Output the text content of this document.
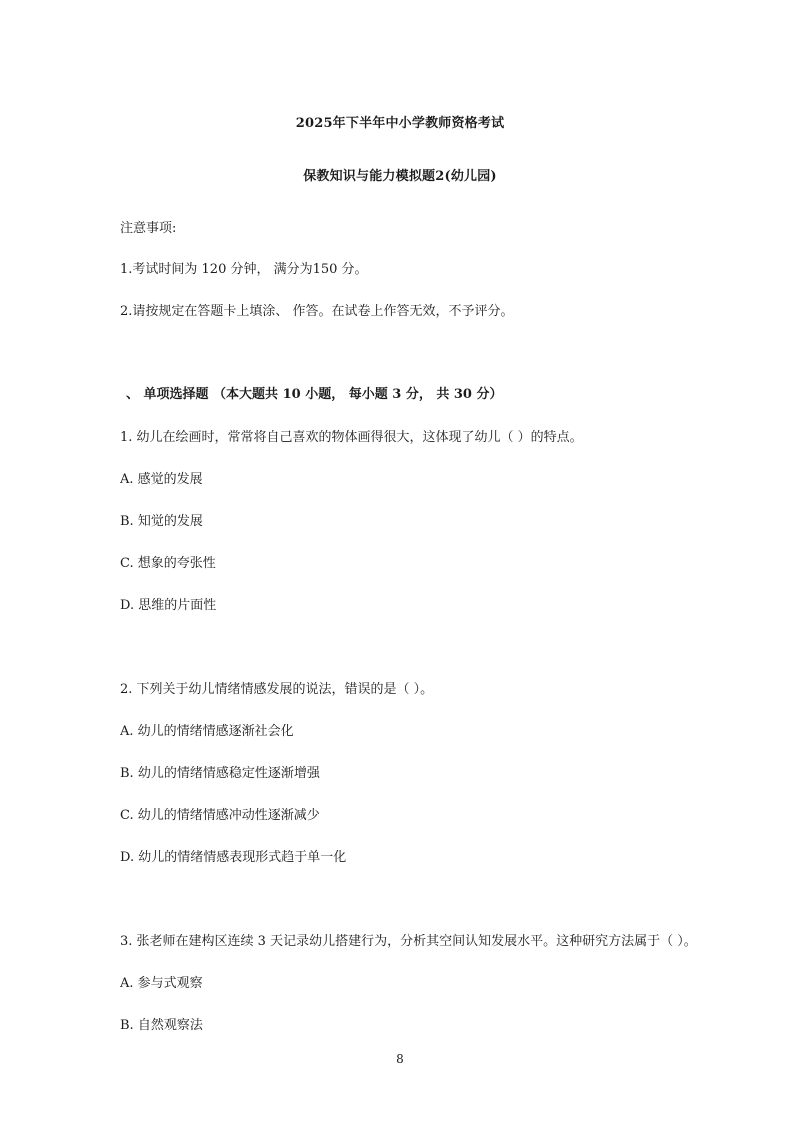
2025年下半年中小学教师资格考试
保教知识与能力模拟题2(幼儿园)
注意事项:
1.考试时间为 120 分钟， 满分为150 分。
2.请按规定在答题卡上填涂、 作答。在试卷上作答无效，不予评分。
、 单项选择题 （本大题共 10 小题， 每小题 3 分， 共 30 分）
1. 幼儿在绘画时，常常将自己喜欢的物体画得很大，这体现了幼儿（ ）的特点。
A. 感觉的发展
B. 知觉的发展
C. 想象的夸张性
D. 思维的片面性
2. 下列关于幼儿情绪情感发展的说法，错误的是（ ）。
A. 幼儿的情绪情感逐渐社会化
B. 幼儿的情绪情感稳定性逐渐增强
C. 幼儿的情绪情感冲动性逐渐减少
D. 幼儿的情绪情感表现形式趋于单一化
3. 张老师在建构区连续 3 天记录幼儿搭建行为，分析其空间认知发展水平。这种研究方法属于（ ）。
A. 参与式观察
B. 自然观察法
8
